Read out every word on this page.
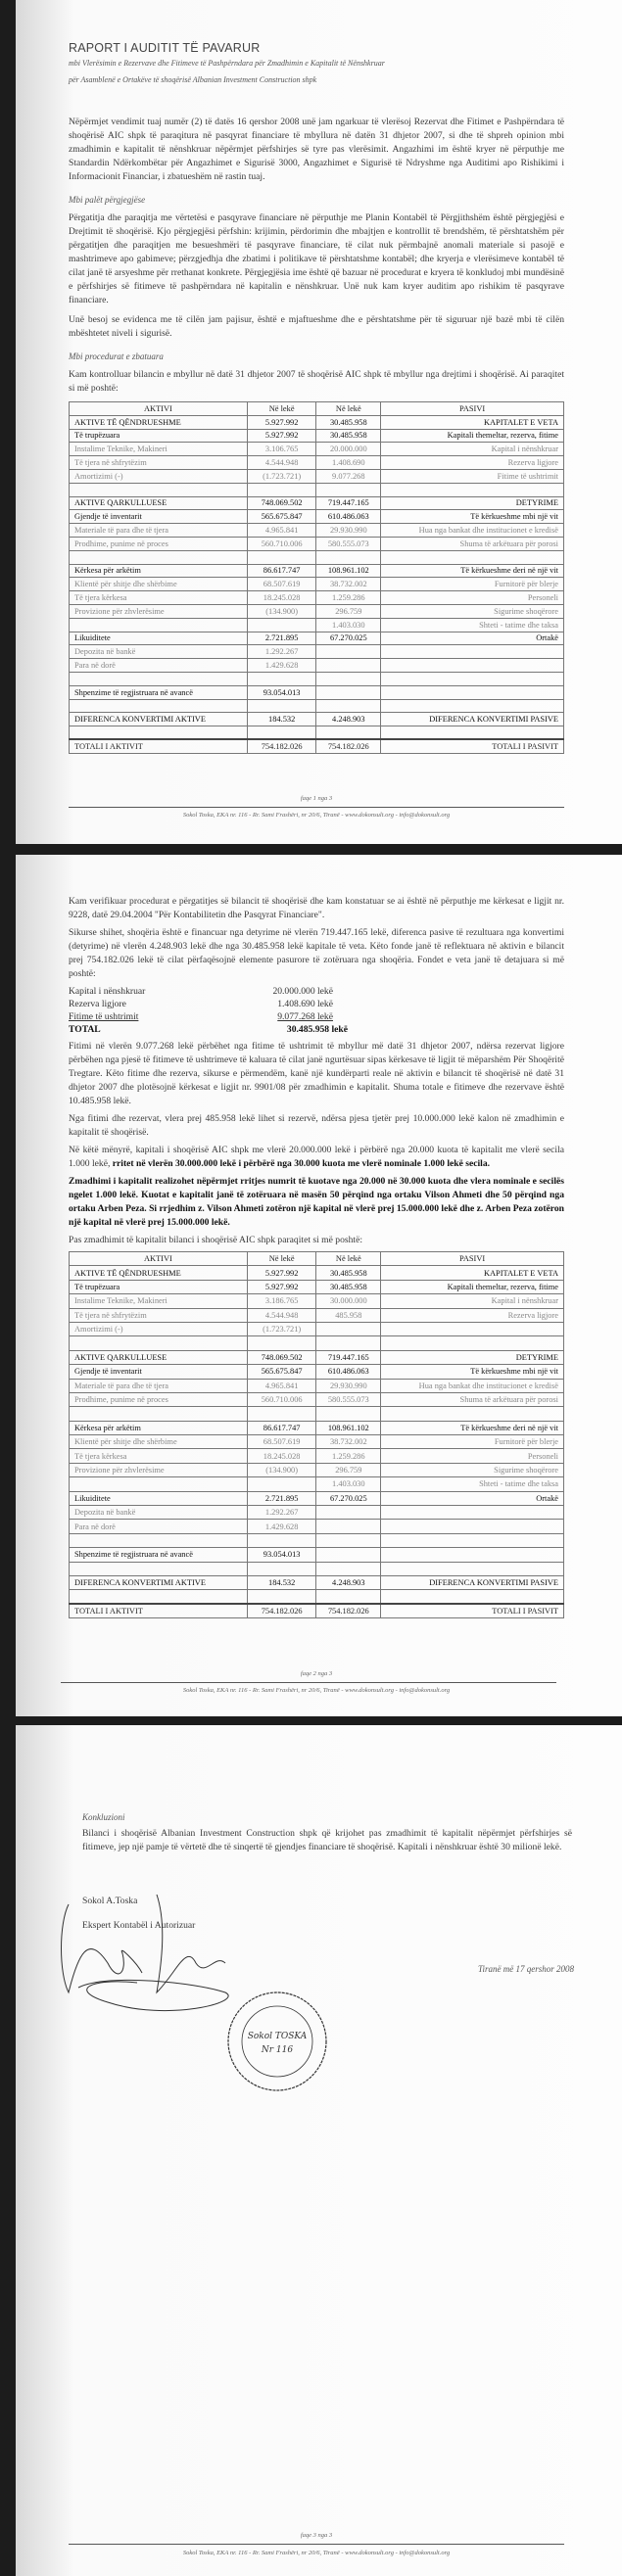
RAPORT I AUDITIT TË PAVARUR
mbi Vlerësimin e Rezervave dhe Fitimeve të Pashpërndara për Zmadhimin e Kapitalit të Nënshkruar
për Asamblenë e Ortakëve të shoqërisë Albanian Investment Construction shpk
Nëpërmjet vendimit tuaj numër (2) të datës 16 qershor 2008 unë jam ngarkuar të vlerësoj Rezervat dhe Fitimet e Pashpërndara të shoqërisë AIC shpk të paraqitura në pasqyrat financiare të mbyllura në datën 31 dhjetor 2007, si dhe të shpreh opinion mbi zmadhimin e kapitalit të nënshkruar nëpërmjet përfshirjes së tyre pas vlerësimit. Angazhimi im është kryer në përputhje me Standardin Ndërkombëtar për Angazhimet e Sigurisë 3000, Angazhimet e Sigurisë të Ndryshme nga Auditimi apo Rishikimi i Informacionit Financiar, i zbatueshëm në rastin tuaj.
Mbi palët përgjegjëse
Përgatitja dhe paraqitja me vërtetësi e pasqyrave financiare në përputhje me Planin Kontabël të Përgjithshëm është përgjegjësi e Drejtimit të shoqërisë. Kjo përgjegjësi përfshin: krijimin, përdorimin dhe mbajtjen e kontrollit të brendshëm, të përshtatshëm për përgatitjen dhe paraqitjen me besueshmëri të pasqyrave financiare, të cilat nuk përmbajnë anomali materiale si pasojë e mashtrimeve apo gabimeve; përzgjedhja dhe zbatimi i politikave të përshtatshme kontabël; dhe kryerja e vlerësimeve kontabël të cilat janë të arsyeshme për rrethanat konkrete. Përgjegjësia ime është që bazuar në procedurat e kryera të konkludoj mbi mundësinë e përfshirjes së fitimeve të pashpërndara në kapitalin e nënshkruar. Unë nuk kam kryer auditim apo rishikim të pasqyrave financiare.
Unë besoj se evidenca me të cilën jam pajisur, është e mjaftueshme dhe e përshtatshme për të siguruar një bazë mbi të cilën mbështetet niveli i sigurisë.
Mbi procedurat e zbatuara
Kam kontrolluar bilancin e mbyllur në datë 31 dhjetor 2007 të shoqërisë AIC shpk të mbyllur nga drejtimi i shoqërisë. Ai paraqitet si më poshtë:
AKTIVI	Në lekë	Në lekë	PASIVI
AKTIVE TË QËNDRUESHME	5.927.992	30.485.958	KAPITALET E VETA
Të trupëzuara	5.927.992	30.485.958	Kapitali themeltar, rezerva, fitime
Instalime Teknike, Makineri	3.106.765	20.000.000	Kapital i nënshkruar
Të tjera në shfrytëzim	4.544.948	1.408.690	Rezerva ligjore
Amortizimi (-)	(1.723.721)	9.077.268	Fitime të ushtrimit

AKTIVE QARKULLUESE	748.069.502	719.447.165	DETYRIME
Gjendje të inventarit	565.675.847	610.486.063	Të kërkueshme mbi një vit
Materiale të para dhe të tjera	4.965.841	29.930.990	Hua nga bankat dhe institucionet e kredisë
Prodhime, punime në proces	560.710.006	580.555.073	Shuma të arkëtuara për porosi

Kërkesa për arkëtim	86.617.747	108.961.102	Të kërkueshme deri në një vit
Klientë për shitje dhe shërbime	68.507.619	38.732.002	Furnitorë për blerje
Të tjera kërkesa	18.245.028	1.259.286	Personeli
Provizione për zhvlerësime	(134.900)	296.759	Sigurime shoqërore
		1.403.030	Shteti - tatime dhe taksa
Likuiditete	2.721.895	67.270.025	Ortakë
Depozita në bankë	1.292.267		
Para në dorë	1.429.628		

Shpenzime të regjistruara në avancë	93.054.013		

DIFERENCA KONVERTIMI AKTIVE	184.532	4.248.903	DIFERENCA KONVERTIMI PASIVE

TOTALI I AKTIVIT	754.182.026	754.182.026	TOTALI I PASIVIT
faqe 1 nga 3
Sokol Toska, EKA nr. 116 - Rr. Sami Frashëri, nr 20/6, Tiranë - www.dokonsult.org - info@dokonsult.org
Kam verifikuar procedurat e përgatitjes së bilancit të shoqërisë dhe kam konstatuar se ai është në përputhje me kërkesat e ligjit nr. 9228, datë 29.04.2004 "Për Kontabilitetin dhe Pasqyrat Financiare".
Sikurse shihet, shoqëria është e financuar nga detyrime në vlerën 719.447.165 lekë, diferenca pasive të rezultuara nga konvertimi (detyrime) në vlerën 4.248.903 lekë dhe nga 30.485.958 lekë kapitale të veta. Këto fonde janë të reflektuara në aktivin e bilancit prej 754.182.026 lekë të cilat përfaqësojnë elemente pasurore të zotëruara nga shoqëria. Fondet e veta janë të detajuara si më poshtë:
Kapital i nënshkruar	20.000.000 lekë
Rezerva ligjore	1.408.690 lekë
Fitime të ushtrimit	9.077.268 lekë
TOTAL	30.485.958 lekë
Fitimi në vlerën 9.077.268 lekë përbëhet nga fitime të ushtrimit të mbyllur më datë 31 dhjetor 2007, ndërsa rezervat ligjore përbëhen nga pjesë të fitimeve të ushtrimeve të kaluara të cilat janë ngurtësuar sipas kërkesave të ligjit të mëparshëm Për Shoqëritë Tregtare. Këto fitime dhe rezerva, sikurse e përmendëm, kanë një kundërparti reale në aktivin e bilancit të shoqërisë në datë 31 dhjetor 2007 dhe plotësojnë kërkesat e ligjit nr. 9901/08 për zmadhimin e kapitalit. Shuma totale e fitimeve dhe rezervave është 10.485.958 lekë.
Nga fitimi dhe rezervat, vlera prej 485.958 lekë lihet si rezervë, ndërsa pjesa tjetër prej 10.000.000 lekë kalon në zmadhimin e kapitalit të shoqërisë.
Në këtë mënyrë, kapitali i shoqërisë AIC shpk me vlerë 20.000.000 lekë i përbërë nga 20.000 kuota të kapitalit me vlerë secila 1.000 lekë, rritet në vlerën 30.000.000 lekë i përbërë nga 30.000 kuota me vlerë nominale 1.000 lekë secila.
Zmadhimi i kapitalit realizohet nëpërmjet rritjes numrit të kuotave nga 20.000 në 30.000 kuota dhe vlera nominale e secilës ngelet 1.000 lekë. Kuotat e kapitalit janë të zotëruara në masën 50 përqind nga ortaku Vilson Ahmeti dhe 50 përqind nga ortaku Arben Peza. Si rrjedhim z. Vilson Ahmeti zotëron një kapital në vlerë prej 15.000.000 lekë dhe z. Arben Peza zotëron një kapital në vlerë prej 15.000.000 lekë.
Pas zmadhimit të kapitalit bilanci i shoqërisë AIC shpk paraqitet si më poshtë:
AKTIVI	Në lekë	Në lekë	PASIVI
AKTIVE TË QËNDRUESHME	5.927.992	30.485.958	KAPITALET E VETA
Të trupëzuara	5.927.992	30.485.958	Kapitali themeltar, rezerva, fitime
Instalime Teknike, Makineri	3.186.765	30.000.000	Kapital i nënshkruar
Të tjera në shfrytëzim	4.544.948	485.958	Rezerva ligjore
Amortizimi (-)	(1.723.721)		

AKTIVE QARKULLUESE	748.069.502	719.447.165	DETYRIME
Gjendje të inventarit	565.675.847	610.486.063	Të kërkueshme mbi një vit
Materiale të para dhe të tjera	4.965.841	29.930.990	Hua nga bankat dhe institucionet e kredisë
Prodhime, punime në proces	560.710.006	580.555.073	Shuma të arkëtuara për porosi

Kërkesa për arkëtim	86.617.747	108.961.102	Të kërkueshme deri në një vit
Klientë për shitje dhe shërbime	68.507.619	38.732.002	Furnitorë për blerje
Të tjera kërkesa	18.245.028	1.259.286	Personeli
Provizione për zhvlerësime	(134.900)	296.759	Sigurime shoqërore
		1.403.030	Shteti - tatime dhe taksa
Likuiditete	2.721.895	67.270.025	Ortakë
Depozita në bankë	1.292.267		
Para në dorë	1.429.628		

Shpenzime të regjistruara në avancë	93.054.013		

DIFERENCA KONVERTIMI AKTIVE	184.532	4.248.903	DIFERENCA KONVERTIMI PASIVE

TOTALI I AKTIVIT	754.182.026	754.182.026	TOTALI I PASIVIT
faqe 2 nga 3
Sokol Toska, EKA nr. 116 - Rr. Sami Frashëri, nr 20/6, Tiranë - www.dokonsult.org - info@dokonsult.org
Konkluzioni
Bilanci i shoqërisë Albanian Investment Construction shpk që krijohet pas zmadhimit të kapitalit nëpërmjet përfshirjes së fitimeve, jep një pamje të vërtetë dhe të sinqertë të gjendjes financiare të shoqërisë. Kapitali i nënshkruar është 30 milionë lekë.
Sokol A.Toska
Ekspert Kontabël i Autorizuar
Tiranë më 17 qershor 2008
Sokol TOSKA
Nr 116
faqe 3 nga 3
Sokol Toska, EKA nr. 116 - Rr. Sami Frashëri, nr 20/6, Tiranë - www.dokonsult.org - info@dokonsult.org
